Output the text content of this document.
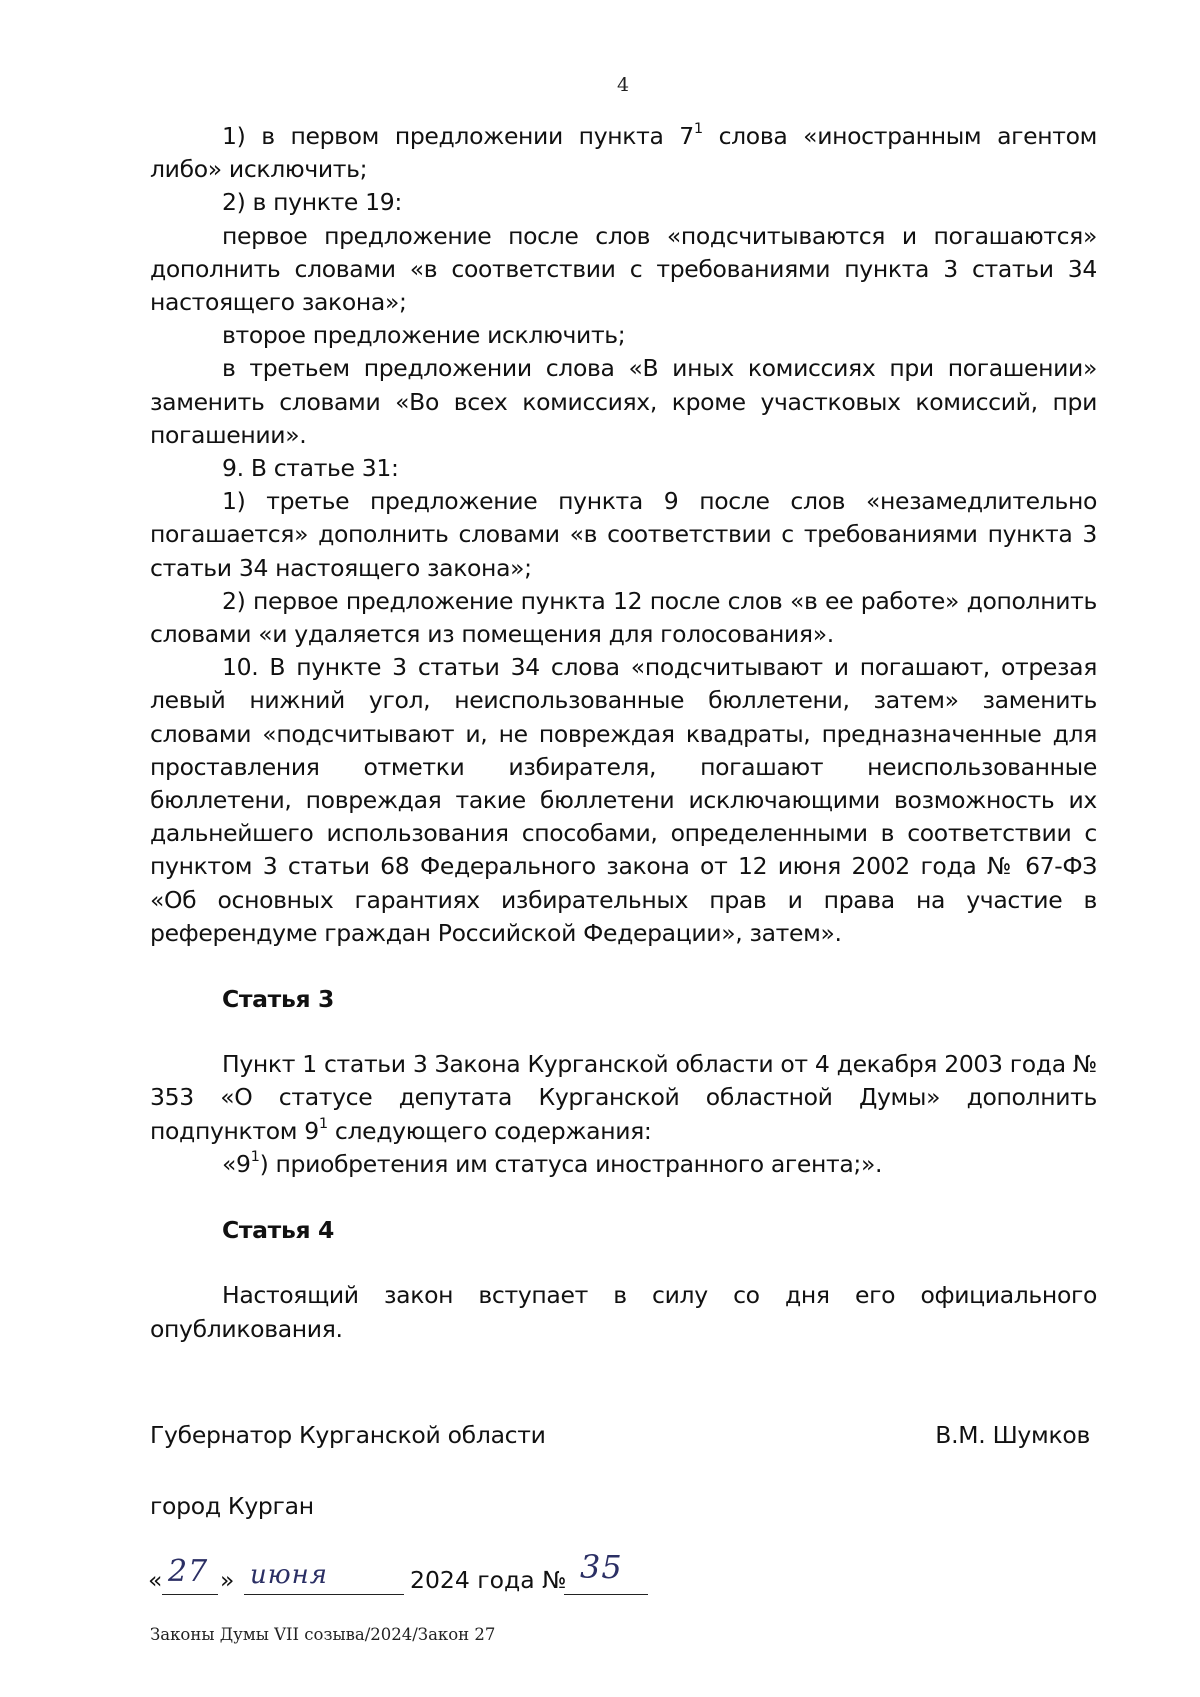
4

1) в первом предложении пункта $7^1$ слова «иностранным агентом либо» исключить;

2) в пункте 19:

первое предложение после слов «подсчитываются и погашаются» дополнить словами «в соответствии с требованиями пункта 3 статьи 34 настоящего закона»;

второе предложение исключить;

в третьем предложении слова «В иных комиссиях при погашении» заменить словами «Во всех комиссиях, кроме участковых комиссий, при погашении».

9. В статье 31:

1) третье предложение пункта 9 после слов «незамедлительно погашается» дополнить словами «в соответствии с требованиями пункта 3 статьи 34 настоящего закона»;

2) первое предложение пункта 12 после слов «в ее работе» дополнить словами «и удаляется из помещения для голосования».

10. В пункте 3 статьи 34 слова «подсчитывают и погашают, отрезая левый нижний угол, неиспользованные бюллетени, затем» заменить словами «подсчитывают и, не повреждая квадраты, предназначенные для проставления отметки избирателя, погашают неиспользованные бюллетени, повреждая такие бюллетени исключающими возможность их дальнейшего использования способами, определенными в соответствии с пунктом 3 статьи 68 Федерального закона от 12 июня 2002 года № 67-ФЗ «Об основных гарантиях избирательных прав и права на участие в референдуме граждан Российской Федерации», затем».

Статья 3

Пункт 1 статьи 3 Закона Курганской области от 4 декабря 2003 года № 353 «О статусе депутата Курганской областной Думы» дополнить подпунктом $9^1$ следующего содержания:

«$9^1$) приобретения им статуса иностранного агента;».

Статья 4

Настоящий закон вступает в силу со дня его официального опубликования.

Губернатор Курганской области	В.М. Шумков
город Курган
« 27 » июня	2024 года № 35
Законы Думы VII созыва/2024/Закон 27
